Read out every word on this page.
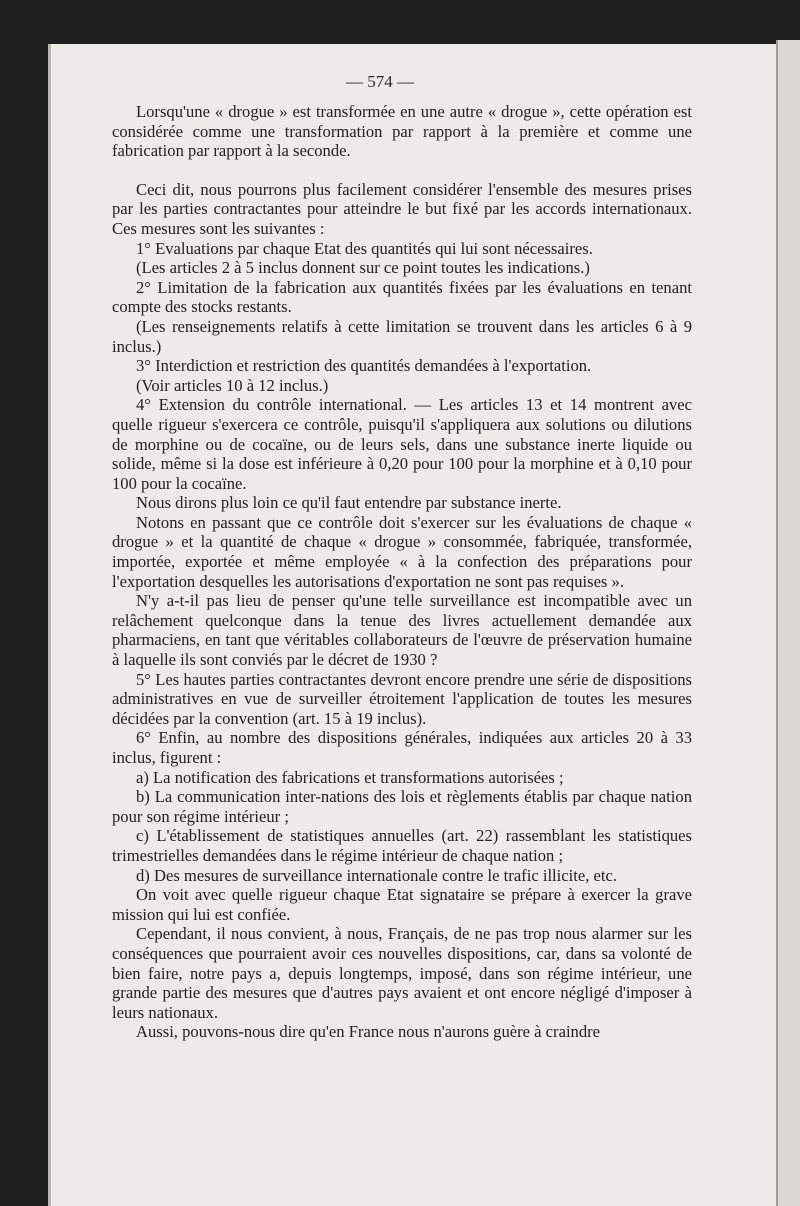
— 574 —

Lorsqu'une « drogue » est transformée en une autre « drogue », cette opération est considérée comme une transformation par rapport à la première et comme une fabrication par rapport à la seconde.

Ceci dit, nous pourrons plus facilement considérer l'ensemble des mesures prises par les parties contractantes pour atteindre le but fixé par les accords internationaux. Ces mesures sont les suivantes :

1° Evaluations par chaque Etat des quantités qui lui sont nécessaires.

(Les articles 2 à 5 inclus donnent sur ce point toutes les indications.)

2° Limitation de la fabrication aux quantités fixées par les évaluations en tenant compte des stocks restants.

(Les renseignements relatifs à cette limitation se trouvent dans les articles 6 à 9 inclus.)

3° Interdiction et restriction des quantités demandées à l'exportation.

(Voir articles 10 à 12 inclus.)

4° Extension du contrôle international. — Les articles 13 et 14 montrent avec quelle rigueur s'exercera ce contrôle, puisqu'il s'appliquera aux solutions ou dilutions de morphine ou de cocaïne, ou de leurs sels, dans une substance inerte liquide ou solide, même si la dose est inférieure à 0,20 pour 100 pour la morphine et à 0,10 pour 100 pour la cocaïne.

Nous dirons plus loin ce qu'il faut entendre par substance inerte.

Notons en passant que ce contrôle doit s'exercer sur les évaluations de chaque « drogue » et la quantité de chaque « drogue » consommée, fabriquée, transformée, importée, exportée et même employée « à la confection des préparations pour l'exportation desquelles les autorisations d'exportation ne sont pas requises ».

N'y a-t-il pas lieu de penser qu'une telle surveillance est incompatible avec un relâchement quelconque dans la tenue des livres actuellement demandée aux pharmaciens, en tant que véritables collaborateurs de l'œuvre de préservation humaine à laquelle ils sont conviés par le décret de 1930 ?

5° Les hautes parties contractantes devront encore prendre une série de dispositions administratives en vue de surveiller étroitement l'application de toutes les mesures décidées par la convention (art. 15 à 19 inclus).

6° Enfin, au nombre des dispositions générales, indiquées aux articles 20 à 33 inclus, figurent :

a) La notification des fabrications et transformations autorisées ;

b) La communication inter-nations des lois et règlements établis par chaque nation pour son régime intérieur ;

c) L'établissement de statistiques annuelles (art. 22) rassemblant les statistiques trimestrielles demandées dans le régime intérieur de chaque nation ;

d) Des mesures de surveillance internationale contre le trafic illicite, etc.

On voit avec quelle rigueur chaque Etat signataire se prépare à exercer la grave mission qui lui est confiée.

Cependant, il nous convient, à nous, Français, de ne pas trop nous alarmer sur les conséquences que pourraient avoir ces nouvelles dispositions, car, dans sa volonté de bien faire, notre pays a, depuis longtemps, imposé, dans son régime intérieur, une grande partie des mesures que d'autres pays avaient et ont encore négligé d'imposer à leurs nationaux.

Aussi, pouvons-nous dire qu'en France nous n'aurons guère à craindre
